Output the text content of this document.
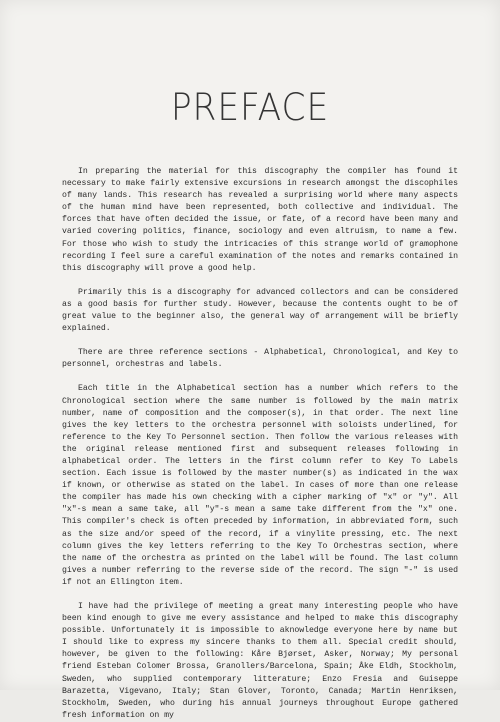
PREFACE

In preparing the material for this discography the compiler has found it necessary to make fairly extensive excursions in research amongst the discophiles of many lands. This research has revealed a surprising world where many aspects of the human mind have been represented, both collective and individual. The forces that have often decided the issue, or fate, of a record have been many and varied covering politics, finance, sociology and even altruism, to name a few. For those who wish to study the intricacies of this strange world of gramophone recording I feel sure a careful examination of the notes and remarks contained in this discography will prove a good help.

Primarily this is a discography for advanced collectors and can be considered as a good basis for further study. However, because the contents ought to be of great value to the beginner also, the general way of arrangement will be briefly explained.

There are three reference sections - Alphabetical, Chronological, and Key to personnel, orchestras and labels.

Each title in the Alphabetical section has a number which refers to the Chronological section where the same number is followed by the main matrix number, name of composition and the composer(s), in that order. The next line gives the key letters to the orchestra personnel with soloists underlined, for reference to the Key To Personnel section. Then follow the various releases with the original release mentioned first and subsequent releases following in alphabetical order. The letters in the first column refer to Key To Labels section. Each issue is followed by the master number(s) as indicated in the wax if known, or otherwise as stated on the label. In cases of more than one release the compiler has made his own checking with a cipher marking of "x" or "y". All "x"-s mean a same take, all "y"-s mean a same take different from the "x" one. This compiler's check is often preceded by information, in abbreviated form, such as the size and/or speed of the record, if a vinylite pressing, etc. The next column gives the key letters referring to the Key To Orchestras section, where the name of the orchestra as printed on the label will be found. The last column gives a number referring to the reverse side of the record. The sign "-" is used if not an Ellington item.

I have had the privilege of meeting a great many interesting people who have been kind enough to give me every assistance and helped to make this discography possible. Unfortunately it is impossible to aknowledge everyone here by name but I should like to express my sincere thanks to them all. Special credit should, however, be given to the following: Kåre Bjørset, Asker, Norway; My personal friend Esteban Colomer Brossa, Granollers/Barcelona, Spain; Åke Eldh, Stockholm, Sweden, who supplied contemporary litterature; Enzo Fresia and Guiseppe Barazetta, Vigevano, Italy; Stan Glover, Toronto, Canada; Martin Henriksen, Stockholm, Sweden, who during his annual journeys throughout Europe gathered fresh information on my
